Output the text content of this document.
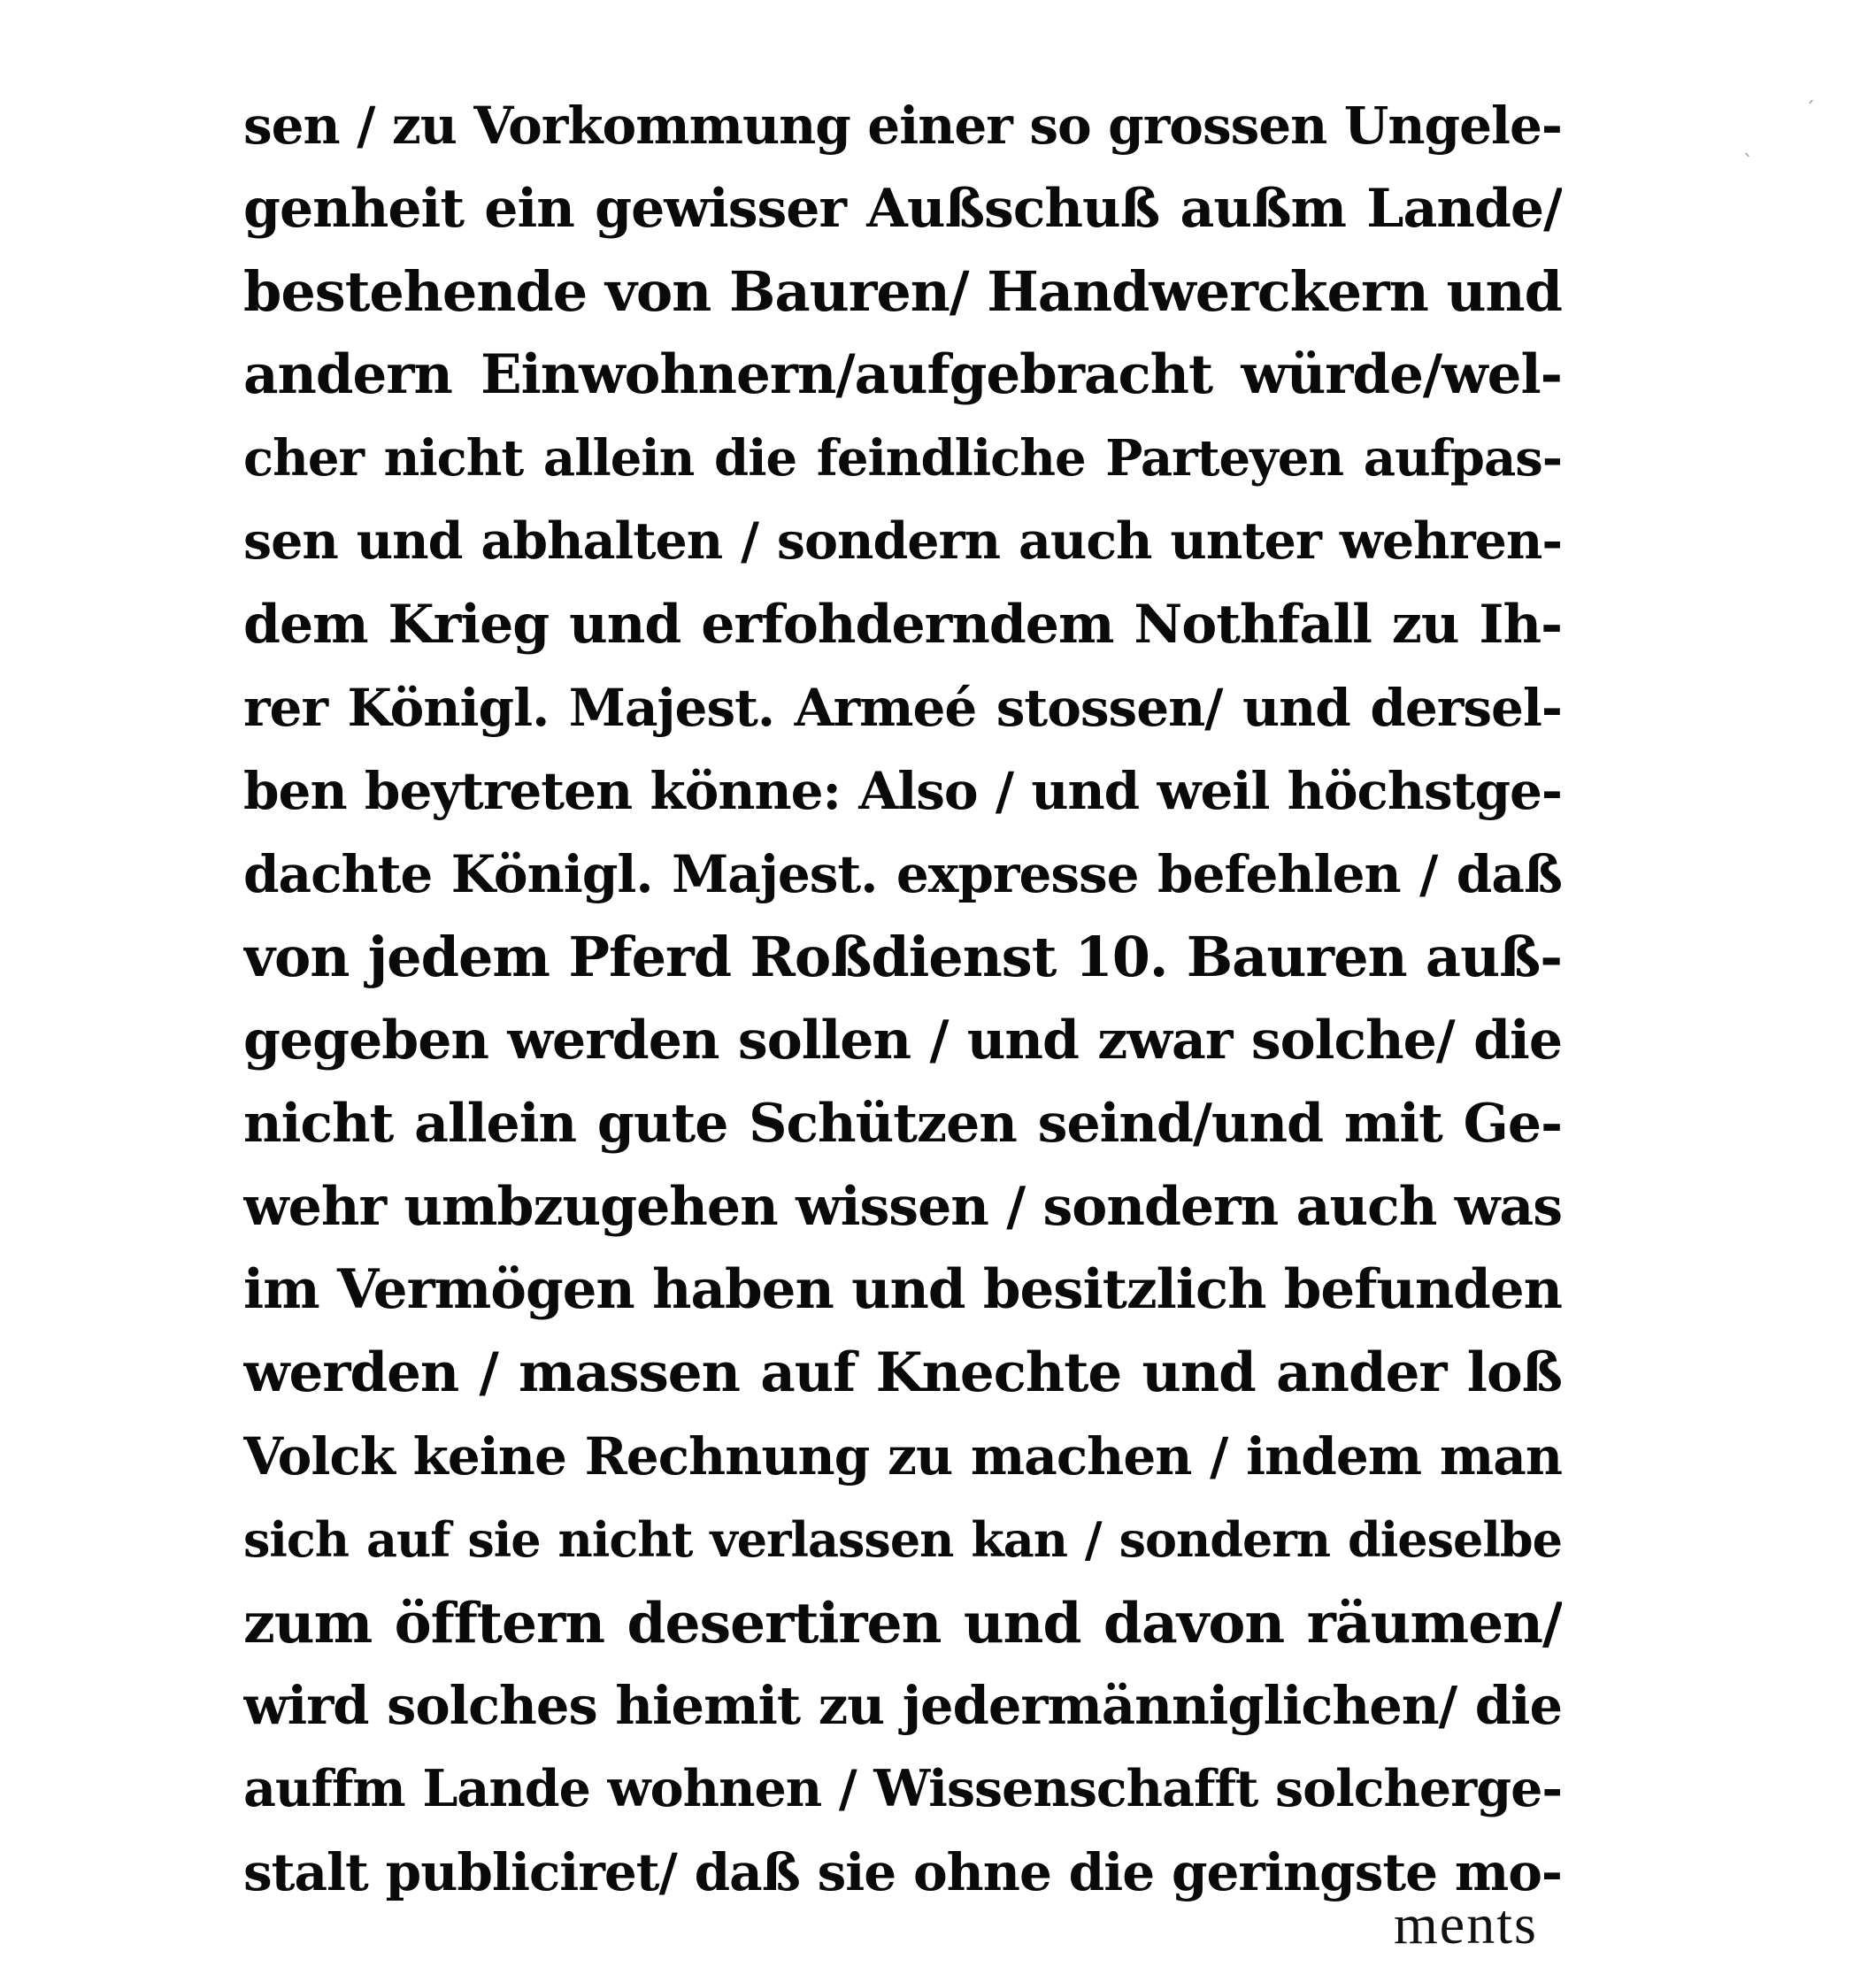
´
`
sen / zu Vorkommung einer so grossen Ungele-
genheit ein gewisser Außschuß außm Lande/
bestehende von Bauren/ Handwerckern und
andern Einwohnern/aufgebracht würde/wel-
cher nicht allein die feindliche Parteyen aufpas-
sen und abhalten / sondern auch unter wehren-
dem Krieg und erfohderndem Nothfall zu Ih-
rer Königl. Majest. Armeé stossen/ und dersel-
ben beytreten könne: Also / und weil höchstge-
dachte Königl. Majest. expresse befehlen / daß
von jedem Pferd Roßdienst 10. Bauren auß-
gegeben werden sollen / und zwar solche/ die
nicht allein gute Schützen seind/und mit Ge-
wehr umbzugehen wissen / sondern auch was
im Vermögen haben und besitzlich befunden
werden / massen auf Knechte und ander loß
Volck keine Rechnung zu machen / indem man
sich auf sie nicht verlassen kan / sondern dieselbe
zum öfftern desertiren und davon räumen/
wird solches hiemit zu jedermänniglichen/ die
auffm Lande wohnen / Wissenschafft solcherge-
stalt publiciret/ daß sie ohne die geringste mo-
ments
